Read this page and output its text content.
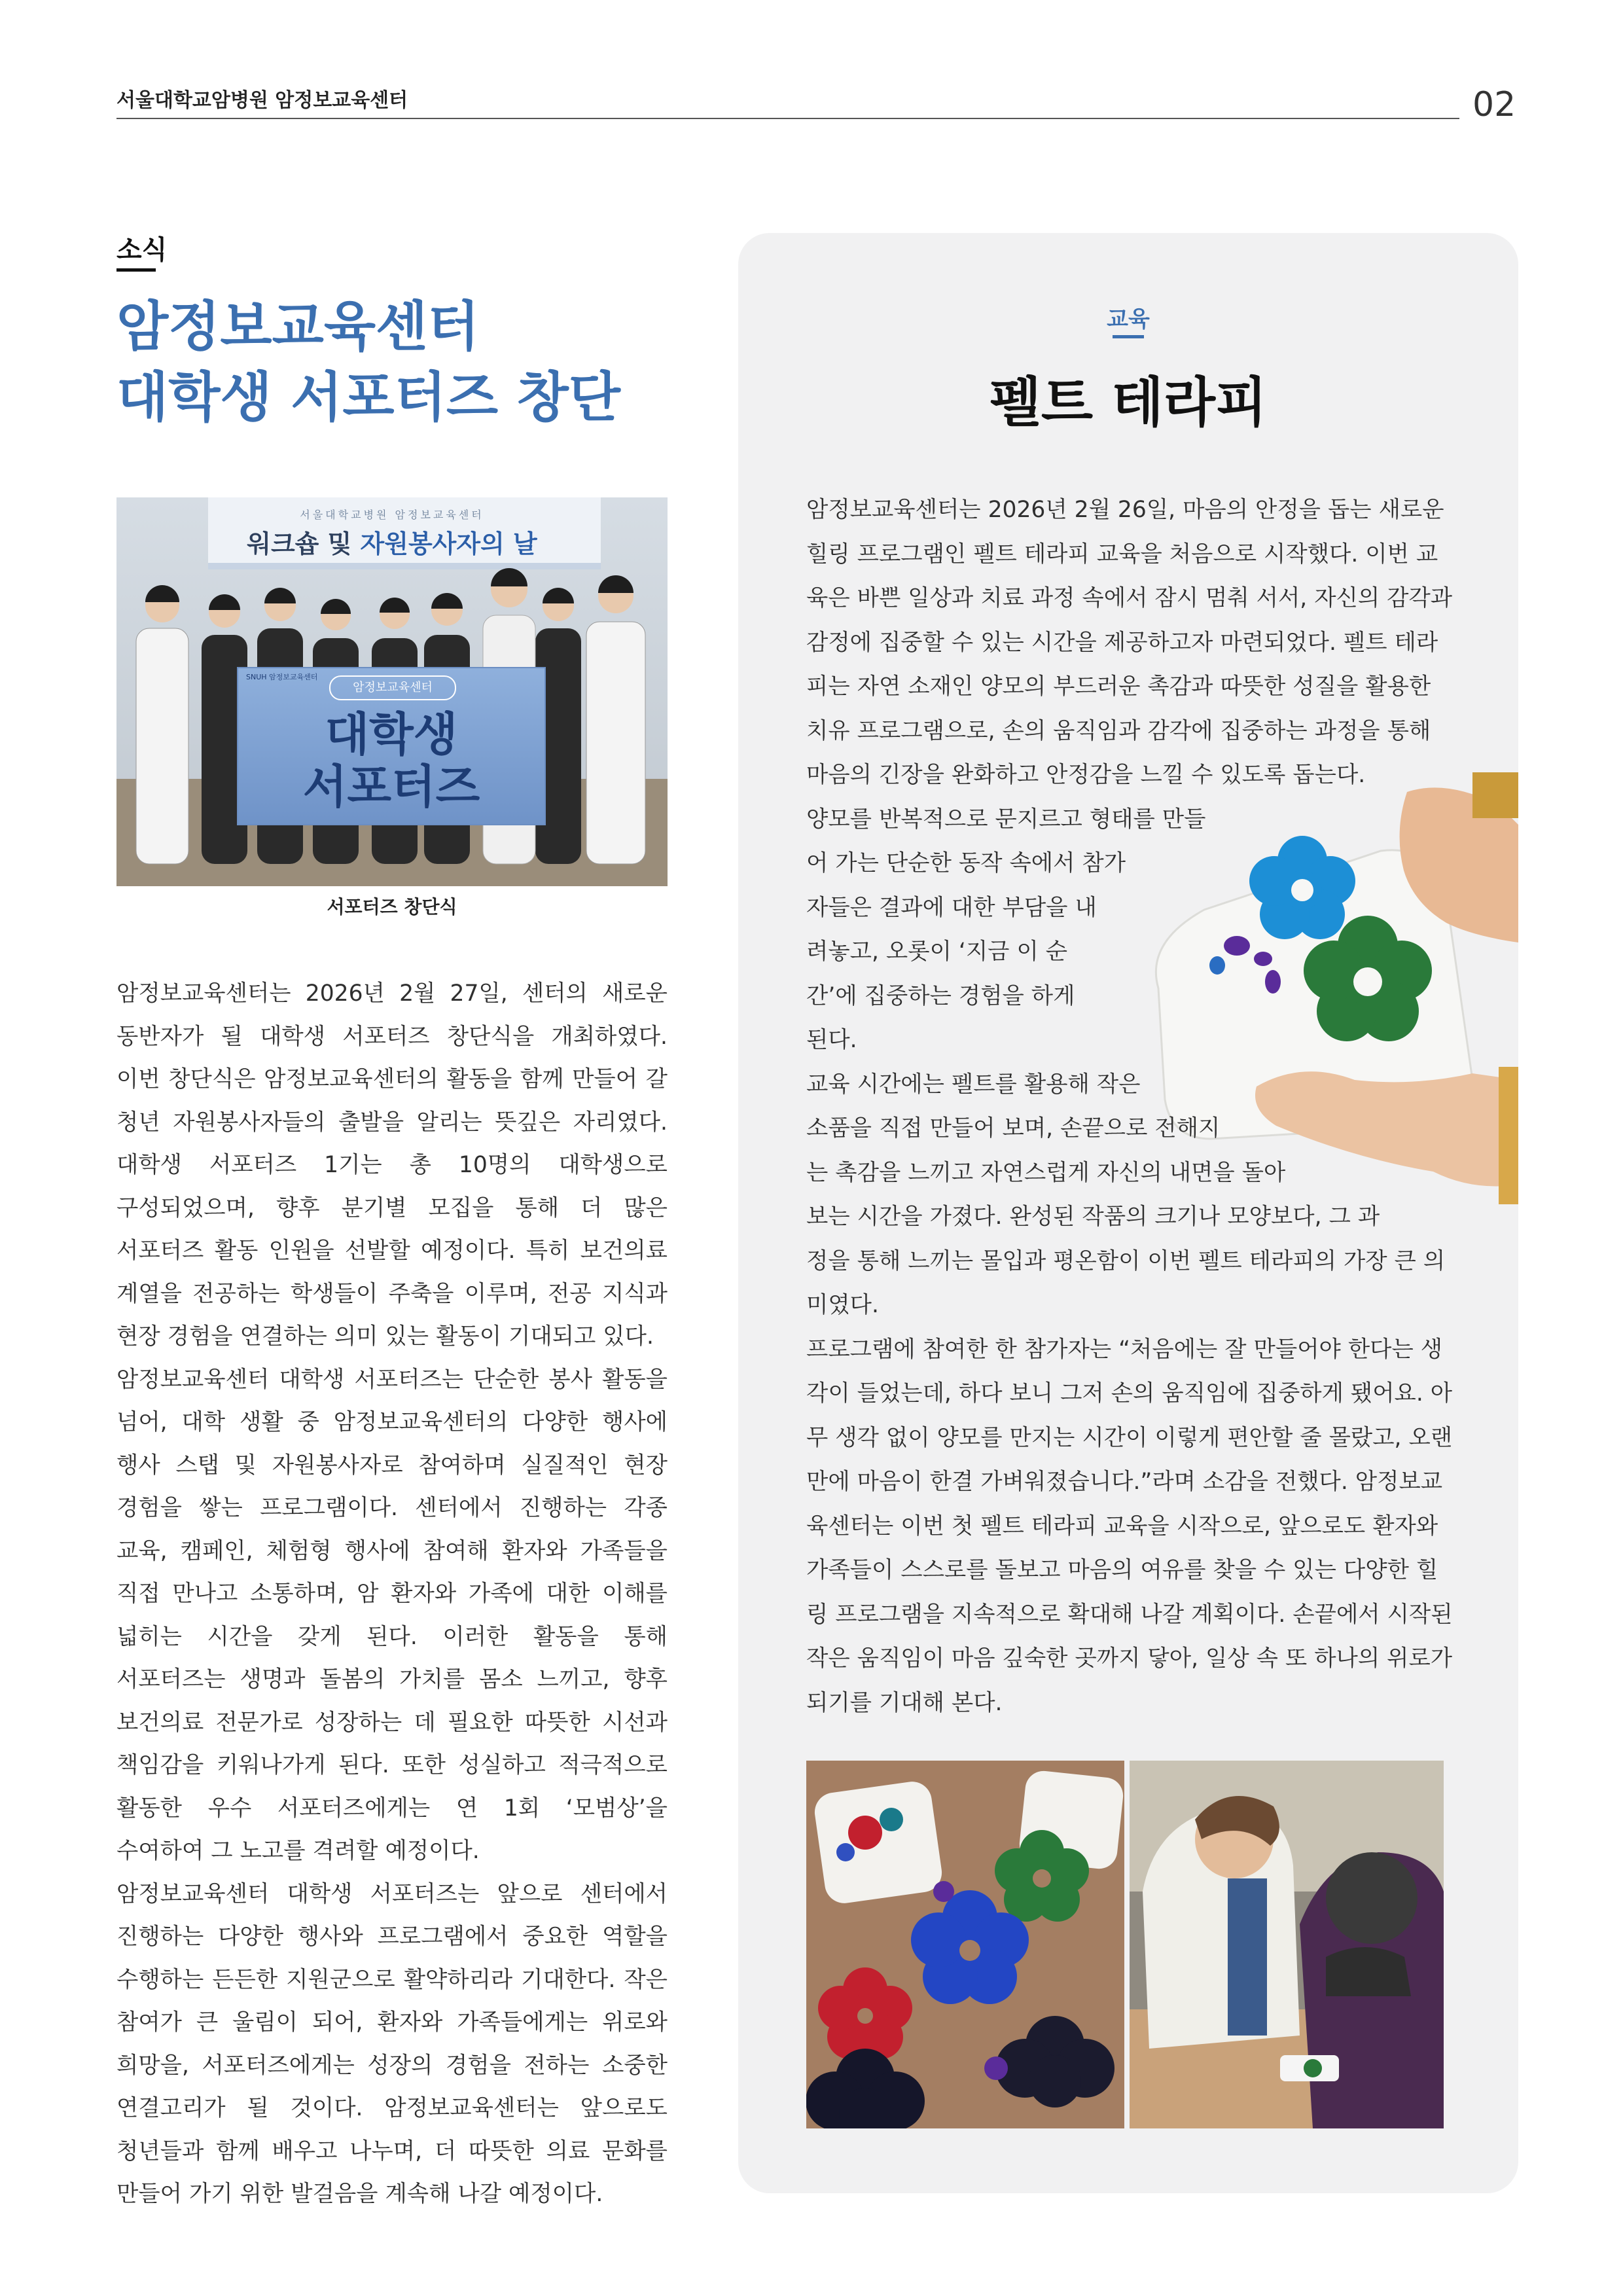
서울대학교암병원 암정보교육센터	02
소식
암정보교육센터
대학생 서포터즈 창단
서울대학교병원 암정보교육센터
워크숍 및 자원봉사자의 날
암정보교육센터
대학생
서포터즈
SNUH 암정보교육센터
서포터즈 창단식

암정보교육센터는 2026년 2월 27일, 센터의 새로운 동반자가 될 대학생 서포터즈 창단식을 개최하였다. 이번 창단식은 암정보교육센터의 활동을 함께 만들어 갈 청년 자원봉사자들의 출발을 알리는 뜻깊은 자리였다. 대학생 서포터즈 1기는 총 10명의 대학생으로 구성되었으며, 향후 분기별 모집을 통해 더 많은 서포터즈 활동 인원을 선발할 예정이다. 특히 보건의료 계열을 전공하는 학생들이 주축을 이루며, 전공 지식과 현장 경험을 연결하는 의미 있는 활동이 기대되고 있다.

암정보교육센터 대학생 서포터즈는 단순한 봉사 활동을 넘어, 대학 생활 중 암정보교육센터의 다양한 행사에 행사 스탭 및 자원봉사자로 참여하며 실질적인 현장 경험을 쌓는 프로그램이다. 센터에서 진행하는 각종 교육, 캠페인, 체험형 행사에 참여해 환자와 가족들을 직접 만나고 소통하며, 암 환자와 가족에 대한 이해를 넓히는 시간을 갖게 된다. 이러한 활동을 통해 서포터즈는 생명과 돌봄의 가치를 몸소 느끼고, 향후 보건의료 전문가로 성장하는 데 필요한 따뜻한 시선과 책임감을 키워나가게 된다. 또한 성실하고 적극적으로 활동한 우수 서포터즈에게는 연 1회 ‘모범상’을 수여하여 그 노고를 격려할 예정이다.

암정보교육센터 대학생 서포터즈는 앞으로 센터에서 진행하는 다양한 행사와 프로그램에서 중요한 역할을 수행하는 든든한 지원군으로 활약하리라 기대한다. 작은 참여가 큰 울림이 되어, 환자와 가족들에게는 위로와 희망을, 서포터즈에게는 성장의 경험을 전하는 소중한 연결고리가 될 것이다. 암정보교육센터는 앞으로도 청년들과 함께 배우고 나누며, 더 따뜻한 의료 문화를 만들어 가기 위한 발걸음을 계속해 나갈 예정이다.

교육
펠트 테라피

암정보교육센터는 2026년 2월 26일, 마음의 안정을 돕는 새로운

힐링 프로그램인 펠트 테라피 교육을 처음으로 시작했다. 이번 교

육은 바쁜 일상과 치료 과정 속에서 잠시 멈춰 서서, 자신의 감각과

감정에 집중할 수 있는 시간을 제공하고자 마련되었다. 펠트 테라

피는 자연 소재인 양모의 부드러운 촉감과 따뜻한 성질을 활용한

치유 프로그램으로, 손의 움직임과 감각에 집중하는 과정을 통해

마음의 긴장을 완화하고 안정감을 느낄 수 있도록 돕는다.

양모를 반복적으로 문지르고 형태를 만들

어 가는 단순한 동작 속에서 참가

자들은 결과에 대한 부담을 내

려놓고, 오롯이 ‘지금 이 순

간’에 집중하는 경험을 하게

된다.

교육 시간에는 펠트를 활용해 작은

소품을 직접 만들어 보며, 손끝으로 전해지

는 촉감을 느끼고 자연스럽게 자신의 내면을 돌아

보는 시간을 가졌다. 완성된 작품의 크기나 모양보다, 그 과

정을 통해 느끼는 몰입과 평온함이 이번 펠트 테라피의 가장 큰 의

미였다.

프로그램에 참여한 한 참가자는 “처음에는 잘 만들어야 한다는 생

각이 들었는데, 하다 보니 그저 손의 움직임에 집중하게 됐어요. 아

무 생각 없이 양모를 만지는 시간이 이렇게 편안할 줄 몰랐고, 오랜

만에 마음이 한결 가벼워졌습니다.”라며 소감을 전했다. 암정보교

육센터는 이번 첫 펠트 테라피 교육을 시작으로, 앞으로도 환자와

가족들이 스스로를 돌보고 마음의 여유를 찾을 수 있는 다양한 힐

링 프로그램을 지속적으로 확대해 나갈 계획이다. 손끝에서 시작된

작은 움직임이 마음 깊숙한 곳까지 닿아, 일상 속 또 하나의 위로가

되기를 기대해 본다.
